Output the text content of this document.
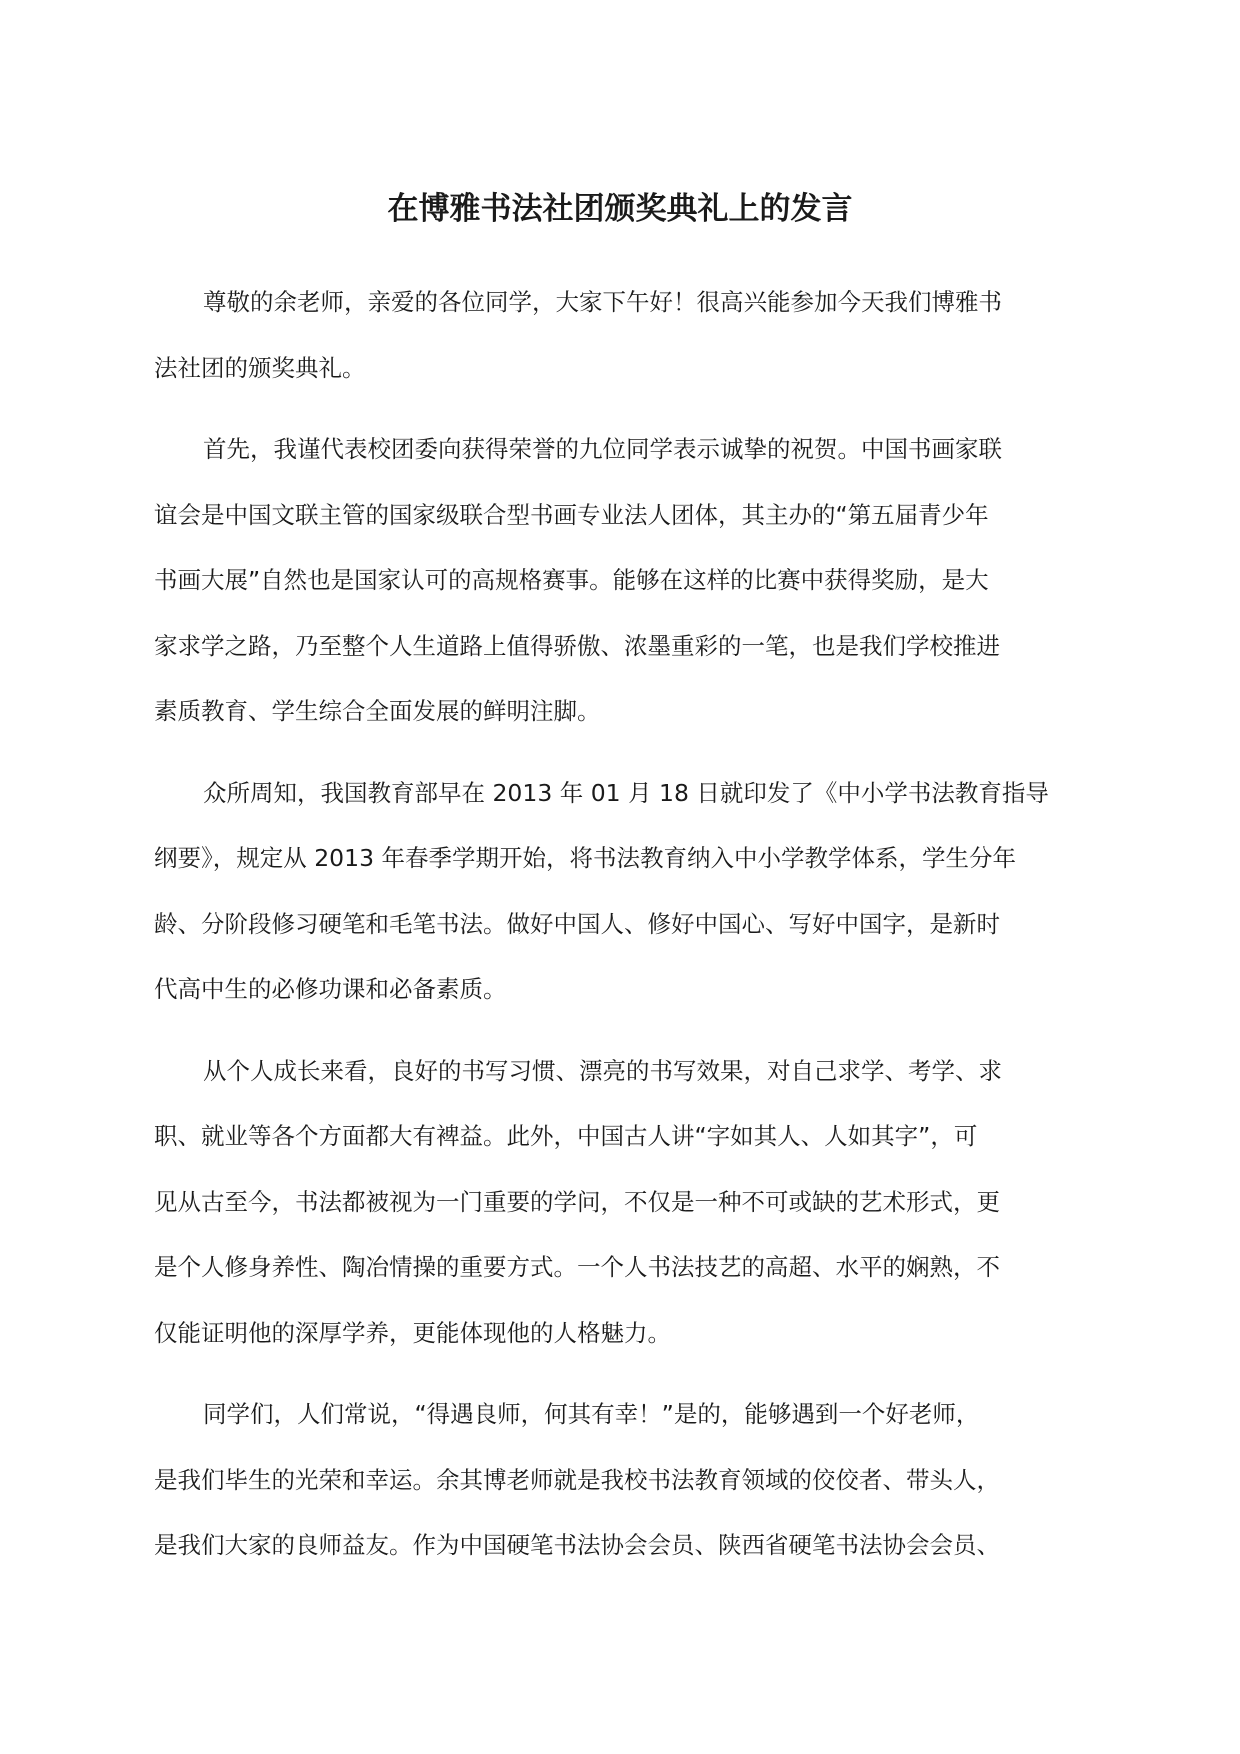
在博雅书法社团颁奖典礼上的发言
尊敬的余老师，亲爱的各位同学，大家下午好！很高兴能参加今天我们博雅书
法社团的颁奖典礼。
首先，我谨代表校团委向获得荣誉的九位同学表示诚挚的祝贺。中国书画家联
谊会是中国文联主管的国家级联合型书画专业法人团体，其主办的“第五届青少年
书画大展”自然也是国家认可的高规格赛事。能够在这样的比赛中获得奖励，是大
家求学之路，乃至整个人生道路上值得骄傲、浓墨重彩的一笔，也是我们学校推进
素质教育、学生综合全面发展的鲜明注脚。
众所周知，我国教育部早在 2013 年 01 月 18 日就印发了《中小学书法教育指导
纲要》，规定从 2013 年春季学期开始，将书法教育纳入中小学教学体系，学生分年
龄、分阶段修习硬笔和毛笔书法。做好中国人、修好中国心、写好中国字，是新时
代高中生的必修功课和必备素质。
从个人成长来看，良好的书写习惯、漂亮的书写效果，对自己求学、考学、求
职、就业等各个方面都大有裨益。此外，中国古人讲“字如其人、人如其字”，可
见从古至今，书法都被视为一门重要的学问，不仅是一种不可或缺的艺术形式，更
是个人修身养性、陶冶情操的重要方式。一个人书法技艺的高超、水平的娴熟，不
仅能证明他的深厚学养，更能体现他的人格魅力。
同学们，人们常说，“得遇良师，何其有幸！”是的，能够遇到一个好老师，
是我们毕生的光荣和幸运。余其博老师就是我校书法教育领域的佼佼者、带头人，
是我们大家的良师益友。作为中国硬笔书法协会会员、陕西省硬笔书法协会会员、
